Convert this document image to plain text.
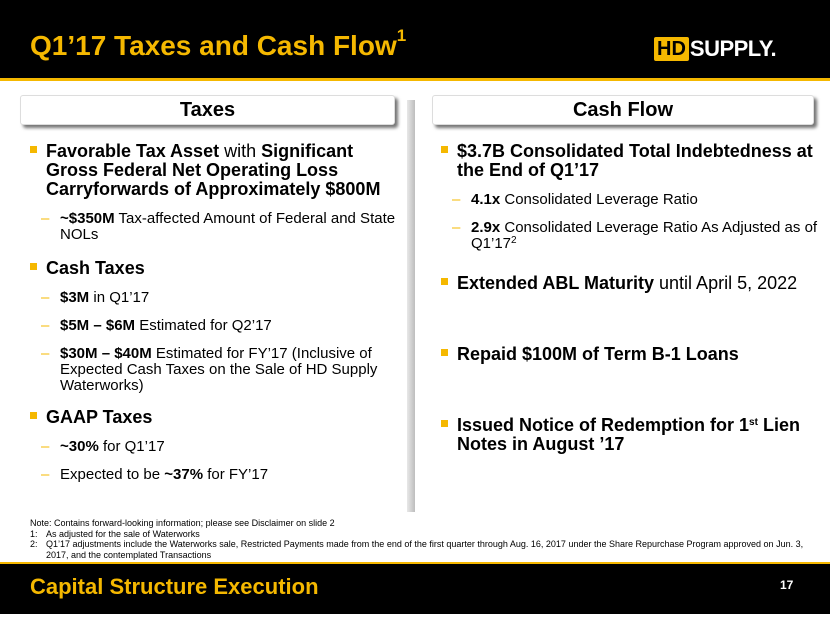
Q1’17 Taxes and Cash Flow$^1$
HD SUPPLY.
Taxes	Cash Flow
Favorable Tax Asset with Significant Gross Federal Net Operating Loss Carryforwards of Approximately $800M
– ~$350M Tax-affected Amount of Federal and State NOLs
Cash Taxes
– $3M in Q1’17
– $5M – $6M Estimated for Q2’17
– $30M – $40M Estimated for FY’17 (Inclusive of Expected Cash Taxes on the Sale of HD Supply Waterworks)
GAAP Taxes
– ~30% for Q1’17
– Expected to be ~37% for FY’17
$3.7B Consolidated Total Indebtedness at the End of Q1’17
– 4.1x Consolidated Leverage Ratio
– 2.9x Consolidated Leverage Ratio As Adjusted as of $Q1’17^2$
Extended ABL Maturity until April 5, 2022
Repaid $100M of Term B-1 Loans
Issued Notice of Redemption for 1st Lien Notes in August ’17
Note: Contains forward-looking information; please see Disclaimer on slide 2
1: As adjusted for the sale of Waterworks
2: Q1’17 adjustments include the Waterworks sale, Restricted Payments made from the end of the first quarter through Aug. 16, 2017 under the Share Repurchase Program approved on Jun. 3, 2017, and the contemplated Transactions
Capital Structure Execution	17
